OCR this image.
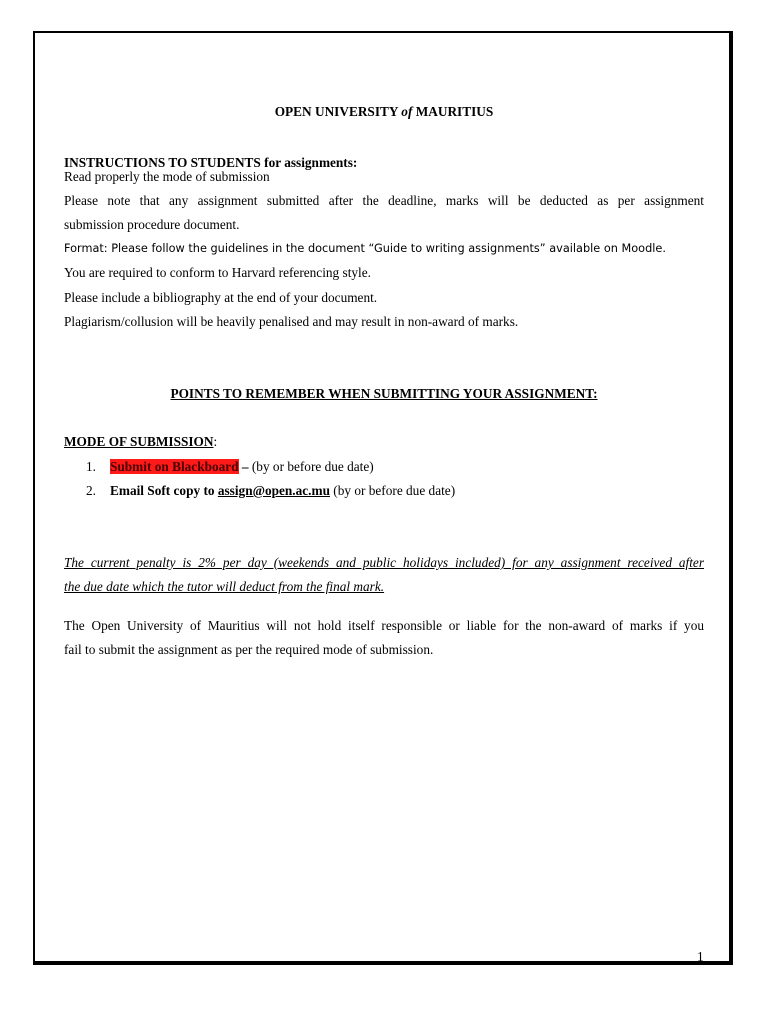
OPEN UNIVERSITY of MAURITIUS
INSTRUCTIONS TO STUDENTS for assignments:
Read properly the mode of submission
Please note that any assignment submitted after the deadline, marks will be deducted as per assignment
submission procedure document.
Format: Please follow the guidelines in the document “Guide to writing assignments” available on Moodle.
You are required to conform to Harvard referencing style.
Please include a bibliography at the end of your document.
Plagiarism/collusion will be heavily penalised and may result in non-award of marks.
POINTS TO REMEMBER WHEN SUBMITTING YOUR ASSIGNMENT:
MODE OF SUBMISSION:
1. Submit on Blackboard – (by or before due date)
2. Email Soft copy to assign@open.ac.mu (by or before due date)
The current penalty is 2% per day (weekends and public holidays included) for any assignment received after
the due date which the tutor will deduct from the final mark.
The Open University of Mauritius will not hold itself responsible or liable for the non-award of marks if you
fail to submit the assignment as per the required mode of submission.
1
